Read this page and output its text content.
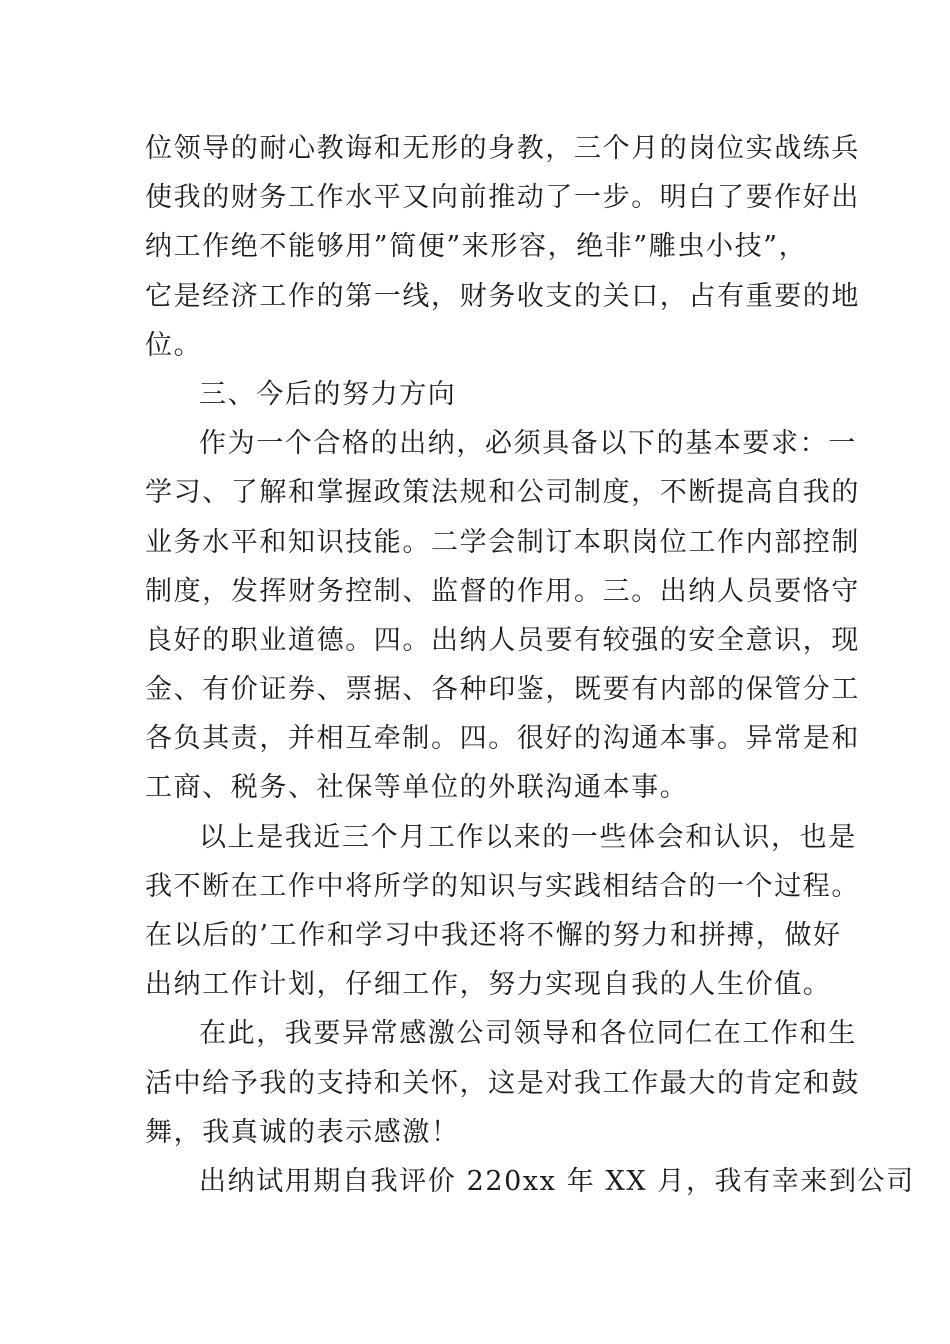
位领导的耐心教诲和无形的身教，三个月的岗位实战练兵
使我的财务工作水平又向前推动了一步。明白了要作好出
纳工作绝不能够用”简便”来形容，绝非”雕虫小技”，
它是经济工作的第一线，财务收支的关口，占有重要的地
位。
三、今后的努力方向
作为一个合格的出纳，必须具备以下的基本要求：一
学习、了解和掌握政策法规和公司制度，不断提高自我的
业务水平和知识技能。二学会制订本职岗位工作内部控制
制度，发挥财务控制、监督的作用。三。出纳人员要恪守
良好的职业道德。四。出纳人员要有较强的安全意识，现
金、有价证券、票据、各种印鉴，既要有内部的保管分工
各负其责，并相互牵制。四。很好的沟通本事。异常是和
工商、税务、社保等单位的外联沟通本事。
以上是我近三个月工作以来的一些体会和认识，也是
我不断在工作中将所学的知识与实践相结合的一个过程。
在以后的’工作和学习中我还将不懈的努力和拼搏，做好
出纳工作计划，仔细工作，努力实现自我的人生价值。
在此，我要异常感激公司领导和各位同仁在工作和生
活中给予我的支持和关怀，这是对我工作最大的肯定和鼓
舞，我真诚的表示感激！
出纳试用期自我评价 220xx 年 XX 月，我有幸来到公司
